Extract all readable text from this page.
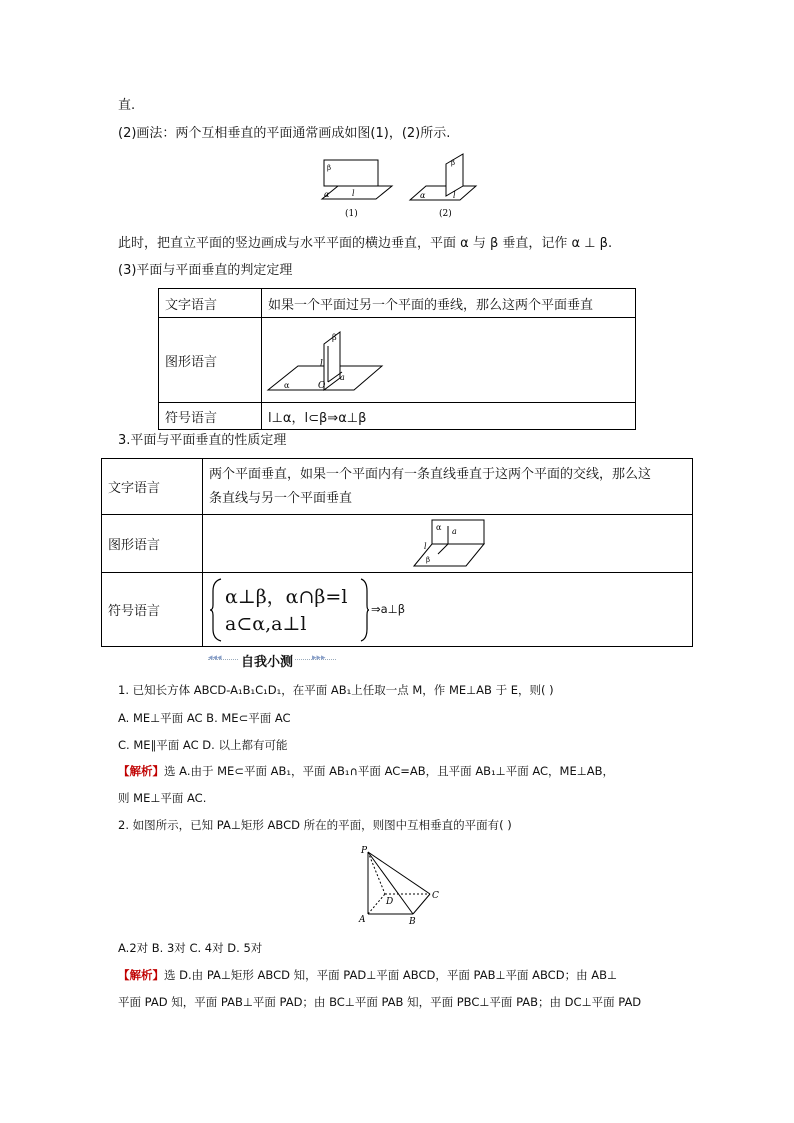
直.
(2)画法：两个互相垂直的平面通常画成如图(1)，(2)所示.
β
α	l
β
α	l
(1)	(2)
此时，把直立平面的竖边画成与水平平面的横边垂直，平面 α 与 β 垂直，记作 α ⊥ β.
(3)平面与平面垂直的判定定理
文字语言	如果一个平面过另一个平面的垂线，那么这两个平面垂直
图形语言	β
l
α O
a

符号语言	l⊥α，l⊂β⇒α⊥β
3.平面与平面垂直的性质定理
文字语言	两个平面垂直，如果一个平面内有一条直线垂直于这两个平面的交线，那么这
条直线与另一个平面垂直

图形语言	α a
l
β

符号语言	α⊥β，α∩β=l
a⊂α,a⊥l
⇒a⊥β
◂◂◂ 自我小测 ▸▸▸
1. 已知长方体 ABCD-A₁B₁C₁D₁，在平面 AB₁上任取一点 M，作 ME⊥AB 于 E，则( )
A. ME⊥平面 AC B. ME⊂平面 AC
C. ME∥平面 AC D. 以上都有可能
【解析】选 A.由于 ME⊂平面 AB₁，平面 AB₁∩平面 AC=AB，且平面 AB₁⊥平面 AC，ME⊥AB，
则 ME⊥平面 AC.
2. 如图所示，已知 PA⊥矩形 ABCD 所在的平面，则图中互相垂直的平面有( )
P
A	B
C
D
A.2对 B. 3对 C. 4对 D. 5对
【解析】选 D.由 PA⊥矩形 ABCD 知，平面 PAD⊥平面 ABCD，平面 PAB⊥平面 ABCD；由 AB⊥
平面 PAD 知，平面 PAB⊥平面 PAD；由 BC⊥平面 PAB 知，平面 PBC⊥平面 PAB；由 DC⊥平面 PAD
